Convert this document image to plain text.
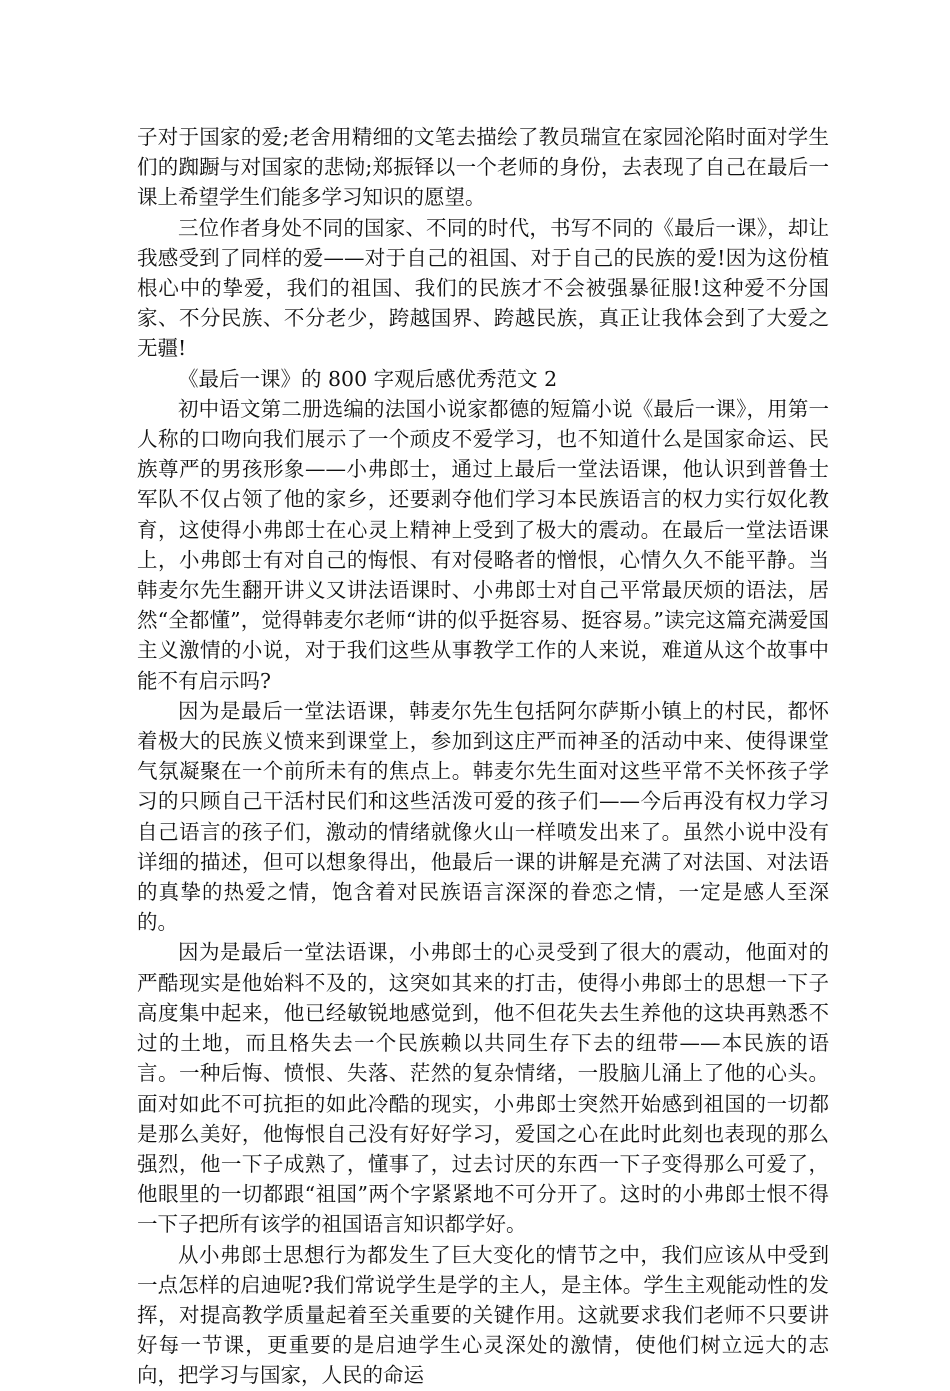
子对于国家的爱;老舍用精细的文笔去描绘了教员瑞宣在家园沦陷时面对学生们的踟蹰与对国家的悲恸;郑振铎以一个老师的身份，去表现了自己在最后一课上希望学生们能多学习知识的愿望。

三位作者身处不同的国家、不同的时代，书写不同的《最后一课》，却让我感受到了同样的爱——对于自己的祖国、对于自己的民族的爱!因为这份植根心中的挚爱，我们的祖国、我们的民族才不会被强暴征服!这种爱不分国家、不分民族、不分老少，跨越国界、跨越民族，真正让我体会到了大爱之无疆!

《最后一课》的 800 字观后感优秀范文 2

初中语文第二册选编的法国小说家都德的短篇小说《最后一课》，用第一人称的口吻向我们展示了一个顽皮不爱学习，也不知道什么是国家命运、民族尊严的男孩形象——小弗郎士，通过上最后一堂法语课，他认识到普鲁士军队不仅占领了他的家乡，还要剥夺他们学习本民族语言的权力实行奴化教育，这使得小弗郎士在心灵上精神上受到了极大的震动。在最后一堂法语课上，小弗郎士有对自己的悔恨、有对侵略者的憎恨，心情久久不能平静。当韩麦尔先生翻开讲义又讲法语课时、小弗郎士对自己平常最厌烦的语法，居然“全都懂”，觉得韩麦尔老师“讲的似乎挺容易、挺容易。”读完这篇充满爱国主义激情的小说，对于我们这些从事教学工作的人来说，难道从这个故事中能不有启示吗?

因为是最后一堂法语课，韩麦尔先生包括阿尔萨斯小镇上的村民，都怀着极大的民族义愤来到课堂上，参加到这庄严而神圣的活动中来、使得课堂气氛凝聚在一个前所未有的焦点上。韩麦尔先生面对这些平常不关怀孩子学习的只顾自己干活村民们和这些活泼可爱的孩子们——今后再没有权力学习自己语言的孩子们，激动的情绪就像火山一样喷发出来了。虽然小说中没有详细的描述，但可以想象得出，他最后一课的讲解是充满了对法国、对法语的真挚的热爱之情，饱含着对民族语言深深的眷恋之情，一定是感人至深的。

因为是最后一堂法语课，小弗郎士的心灵受到了很大的震动，他面对的严酷现实是他始料不及的，这突如其来的打击，使得小弗郎士的思想一下子高度集中起来，他已经敏锐地感觉到，他不但花失去生养他的这块再熟悉不过的土地，而且格失去一个民族赖以共同生存下去的纽带——本民族的语言。一种后悔、愤恨、失落、茫然的复杂情绪，一股脑儿涌上了他的心头。面对如此不可抗拒的如此冷酷的现实，小弗郎士突然开始感到祖国的一切都是那么美好，他悔恨自己没有好好学习，爱国之心在此时此刻也表现的那么强烈，他一下子成熟了，懂事了，过去讨厌的东西一下子变得那么可爱了，他眼里的一切都跟“祖国”两个字紧紧地不可分开了。这时的小弗郎士恨不得一下子把所有该学的祖国语言知识都学好。

从小弗郎士思想行为都发生了巨大变化的情节之中，我们应该从中受到一点怎样的启迪呢?我们常说学生是学的主人，是主体。学生主观能动性的发挥，对提高教学质量起着至关重要的关键作用。这就要求我们老师不只要讲好每一节课，更重要的是启迪学生心灵深处的激情，使他们树立远大的志向，把学习与国家，人民的命运
